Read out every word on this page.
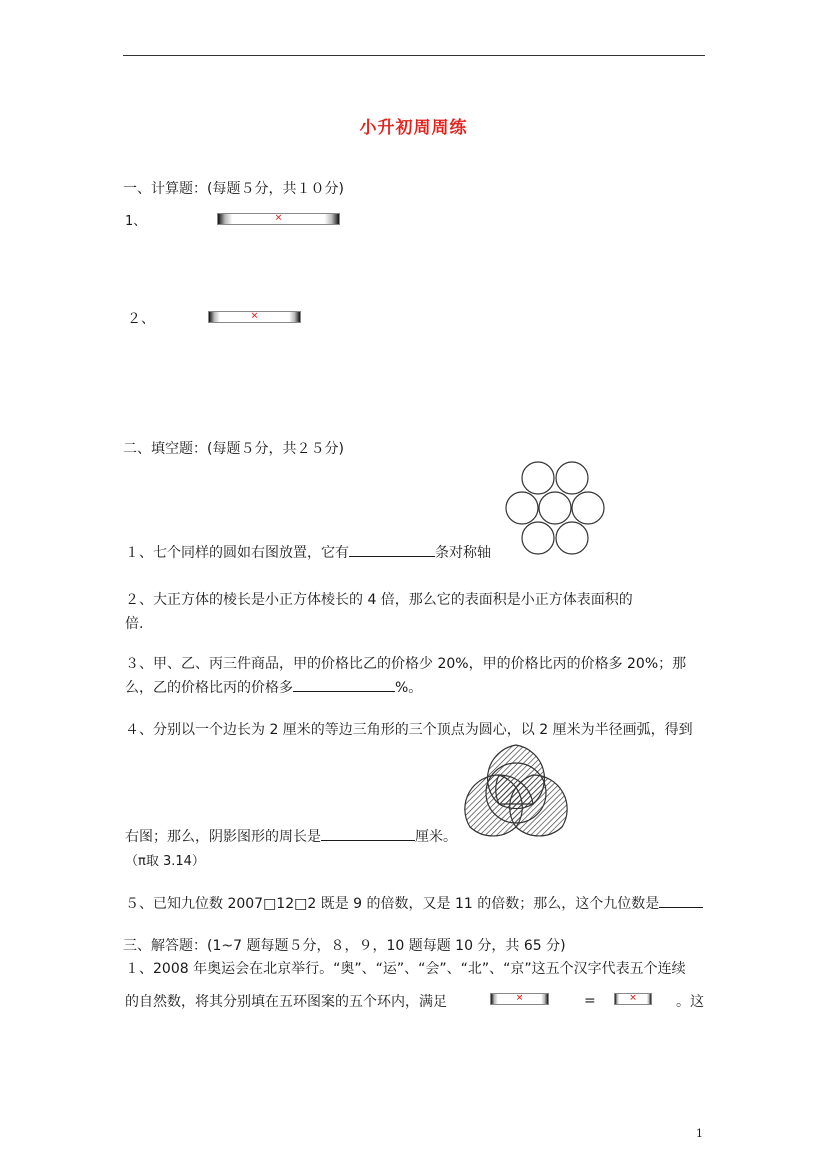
小升初周周练
一、计算题：(每题５分，共１０分)
1、	✕
２、	✕
二、填空题：(每题５分，共２５分)
１、七个同样的圆如右图放置，它有	条对称轴
２、大正方体的棱长是小正方体棱长的 4 倍，那么它的表面积是小正方体表面积的
倍.
３、甲、乙、丙三件商品，甲的价格比乙的价格少 20%，甲的价格比丙的价格多 20%；那
么，乙的价格比丙的价格多	%。
４、分别以一个边长为 2 厘米的等边三角形的三个顶点为圆心，以 2 厘米为半径画弧，得到
右图；那么，阴影图形的周长是	厘米。
（π取 3.14）
５、已知九位数 2007□12□2 既是 9 的倍数，又是 11 的倍数；那么，这个九位数是
三、解答题：(1~7 题每题５分，８，９，10 题每题 10 分，共 65 分)
１、2008 年奥运会在北京举行。“奥”、“运”、“会”、“北”、“京”这五个汉字代表五个连续
的自然数，将其分别填在五环图案的五个环内，满足	✕	=	✕	。这
1
